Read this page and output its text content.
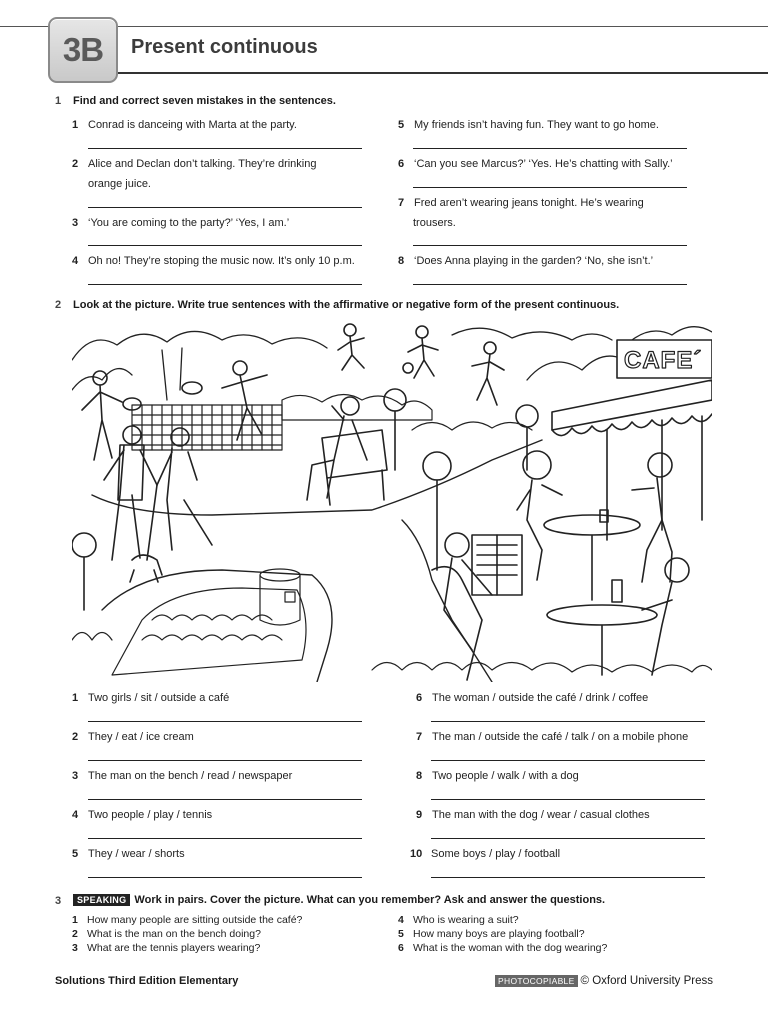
3B	Present continuous
1 Find and correct seven mistakes in the sentences.
1 Conrad is danceing with Marta at the party.
2 Alice and Declan don’t talking. They’re drinking
orange juice.
3 ‘You are coming to the party?’ ‘Yes, I am.’
4 Oh no! They’re stoping the music now. It’s only 10 p.m.
5 My friends isn’t having fun. They want to go home.
6 ‘Can you see Marcus?’ ‘Yes. He’s chatting with Sally.’
7 Fred aren’t wearing jeans tonight. He’s wearing
trousers.
8 ‘Does Anna playing in the garden? ‘No, she isn’t.’
2 Look at the picture. Write true sentences with the affirmative or negative form of the present continuous.
CAFE´
1 Two girls / sit / outside a café
2 They / eat / ice cream
3 The man on the bench / read / newspaper
4 Two people / play / tennis
5 They / wear / shorts
6 The woman / outside the café / drink / coffee
7 The man / outside the café / talk / on a mobile phone
8 Two people / walk / with a dog
9 The man with the dog / wear / casual clothes
10 Some boys / play / football
3	SPEAKING Work in pairs. Cover the picture. What can you remember? Ask and answer the questions.
1 How many people are sitting outside the café?
2 What is the man on the bench doing?
3 What are the tennis players wearing?
4 Who is wearing a suit?
5 How many boys are playing football?
6 What is the woman with the dog wearing?
Solutions Third Edition Elementary	PHOTOCOPIABLE © Oxford University Press
